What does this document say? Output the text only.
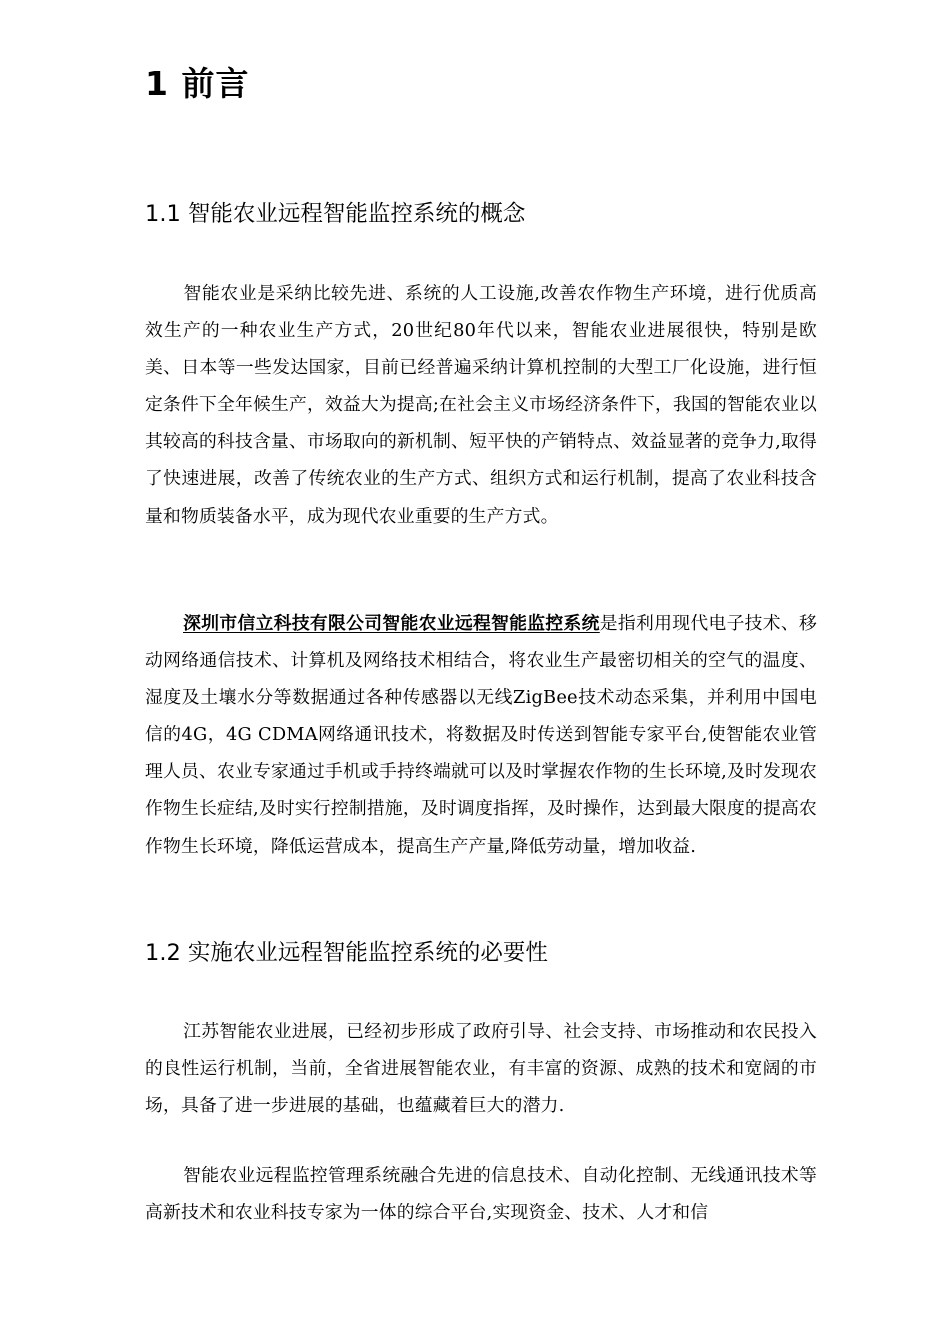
1 前言
1.1 智能农业远程智能监控系统的概念

智能农业是采纳比较先进、系统的人工设施,改善农作物生产环境，进行优质高效生产的一种农业生产方式，20世纪80年代以来，智能农业进展很快，特别是欧美、日本等一些发达国家，目前已经普遍采纳计算机控制的大型工厂化设施，进行恒定条件下全年候生产，效益大为提高;在社会主义市场经济条件下，我国的智能农业以其较高的科技含量、市场取向的新机制、短平快的产销特点、效益显著的竞争力,取得了快速进展，改善了传统农业的生产方式、组织方式和运行机制，提高了农业科技含量和物质装备水平，成为现代农业重要的生产方式。

深圳市信立科技有限公司智能农业远程智能监控系统是指利用现代电子技术、移动网络通信技术、计算机及网络技术相结合，将农业生产最密切相关的空气的温度、湿度及土壤水分等数据通过各种传感器以无线ZigBee技术动态采集，并利用中国电信的4G，4G CDMA网络通讯技术，将数据及时传送到智能专家平台,使智能农业管理人员、农业专家通过手机或手持终端就可以及时掌握农作物的生长环境,及时发现农作物生长症结,及时实行控制措施，及时调度指挥，及时操作，达到最大限度的提高农作物生长环境，降低运营成本，提高生产产量,降低劳动量，增加收益.

1.2 实施农业远程智能监控系统的必要性

江苏智能农业进展，已经初步形成了政府引导、社会支持、市场推动和农民投入的良性运行机制，当前，全省进展智能农业，有丰富的资源、成熟的技术和宽阔的市场，具备了进一步进展的基础，也蕴藏着巨大的潜力.

智能农业远程监控管理系统融合先进的信息技术、自动化控制、无线通讯技术等高新技术和农业科技专家为一体的综合平台,实现资金、技术、人才和信
